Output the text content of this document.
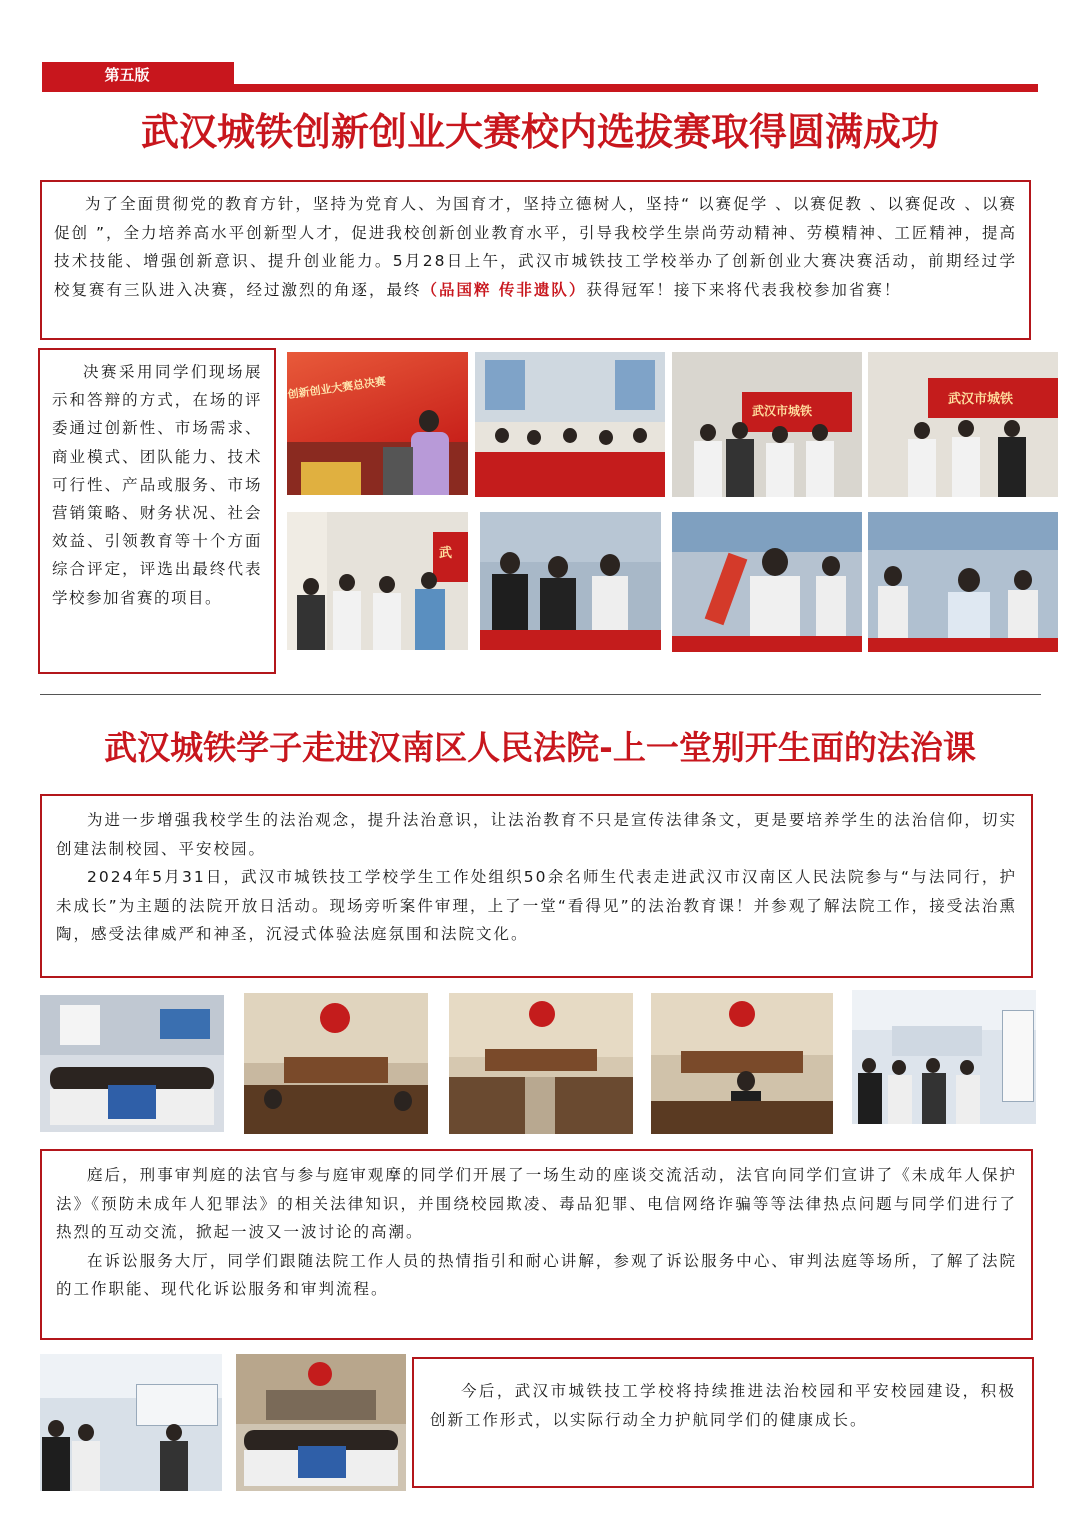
第五版
武汉城铁创新创业大赛校内选拔赛取得圆满成功

为了全面贯彻党的教育方针，坚持为党育人、为国育才，坚持立德树人，坚持“ 以赛促学 、以赛促教 、以赛促改 、以赛促创 ”，全力培养高水平创新型人才，促进我校创新创业教育水平，引导我校学生崇尚劳动精神、劳模精神、工匠精神，提高技术技能、增强创新意识、提升创业能力。5月28日上午，武汉市城铁技工学校举办了创新创业大赛决赛活动，前期经过学校复赛有三队进入决赛，经过激烈的角逐，最终（品国粹 传非遗队）获得冠军！接下来将代表我校参加省赛！

决赛采用同学们现场展示和答辩的方式，在场的评委通过创新性、市场需求、商业模式、团队能力、技术可行性、产品或服务、市场营销策略、财务状况、社会效益、引领教育等十个方面综合评定，评选出最终代表学校参加省赛的项目。

创新创业大赛总决赛
武汉市城铁
武汉市城铁
武
武汉城铁学子走进汉南区人民法院-上一堂别开生面的法治课

为进一步增强我校学生的法治观念，提升法治意识，让法治教育不只是宣传法律条文，更是要培养学生的法治信仰，切实创建法制校园、平安校园。

2024年5月31日，武汉市城铁技工学校学生工作处组织50余名师生代表走进武汉市汉南区人民法院参与“与法同行，护未成长”为主题的法院开放日活动。现场旁听案件审理，上了一堂“看得见”的法治教育课！并参观了解法院工作，接受法治熏陶，感受法律威严和神圣，沉浸式体验法庭氛围和法院文化。

庭后，刑事审判庭的法官与参与庭审观摩的同学们开展了一场生动的座谈交流活动，法官向同学们宣讲了《未成年人保护法》《预防未成年人犯罪法》的相关法律知识，并围绕校园欺凌、毒品犯罪、电信网络诈骗等等法律热点问题与同学们进行了热烈的互动交流，掀起一波又一波讨论的高潮。

在诉讼服务大厅，同学们跟随法院工作人员的热情指引和耐心讲解，参观了诉讼服务中心、审判法庭等场所，了解了法院的工作职能、现代化诉讼服务和审判流程。

今后，武汉市城铁技工学校将持续推进法治校园和平安校园建设，积极创新工作形式，以实际行动全力护航同学们的健康成长。
